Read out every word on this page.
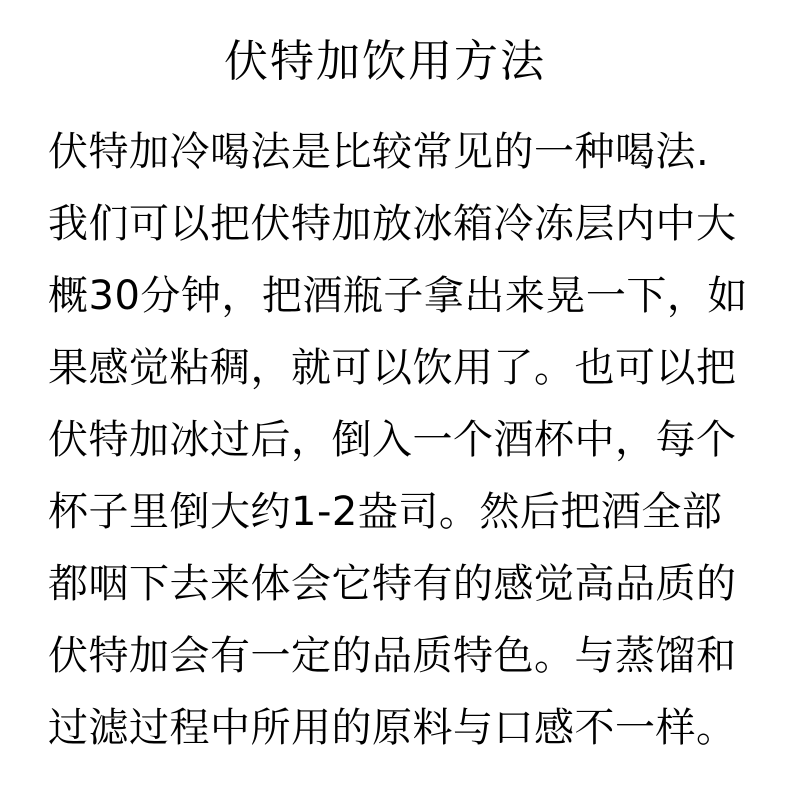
伏特加饮用方法
伏特加冷喝法是比较常见的一种喝法.
我们可以把伏特加放冰箱冷冻层内中大
概30分钟，把酒瓶子拿出来晃一下，如
果感觉粘稠，就可以饮用了。也可以把
伏特加冰过后，倒入一个酒杯中，每个
杯子里倒大约1-2盎司。然后把酒全部
都咽下去来体会它特有的感觉高品质的
伏特加会有一定的品质特色。与蒸馏和
过滤过程中所用的原料与口感不一样。
